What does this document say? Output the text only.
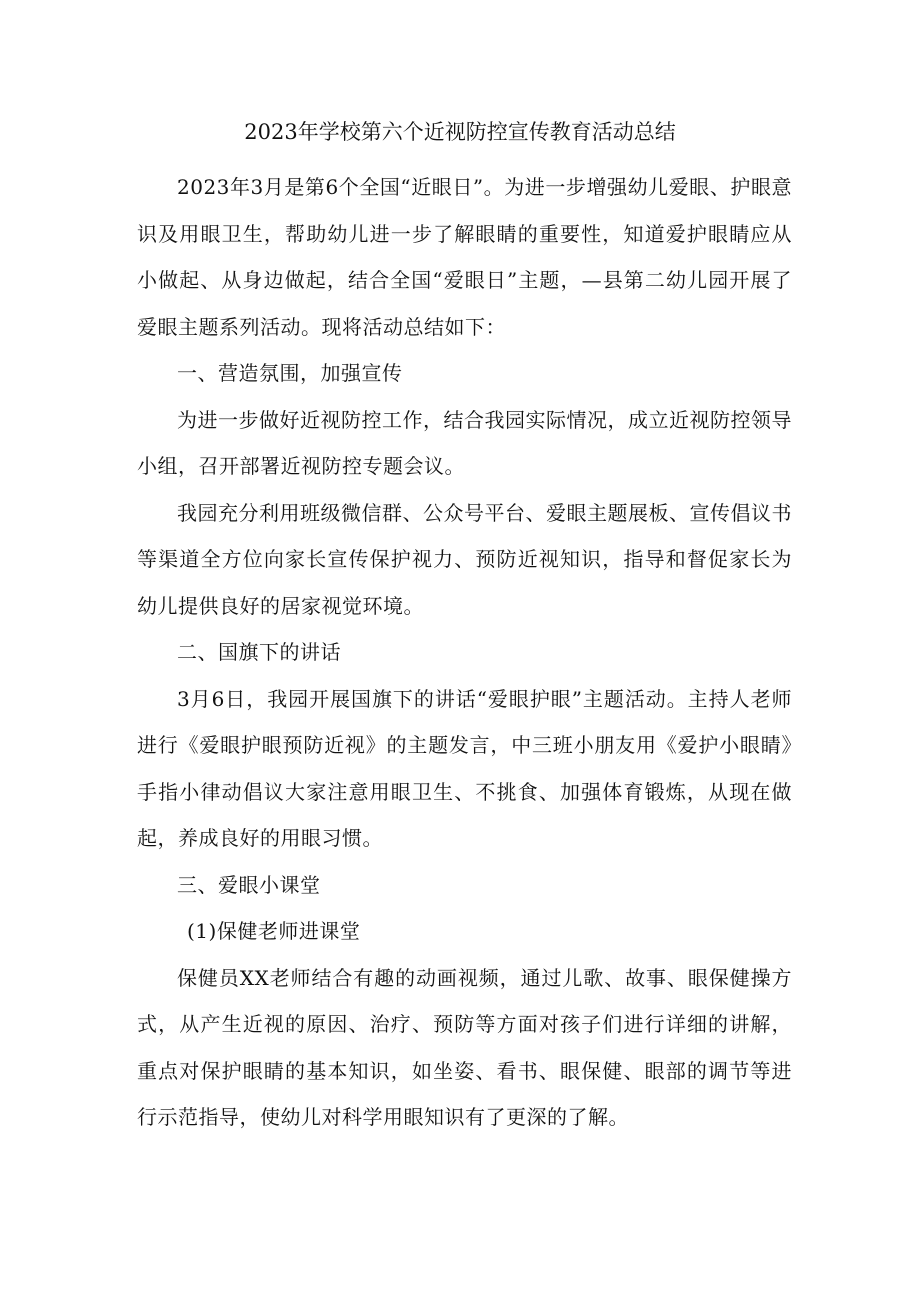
2023年学校第六个近视防控宣传教育活动总结

2023年3月是第6个全国“近眼日”。为进一步增强幼儿爱眼、护眼意识及用眼卫生，帮助幼儿进一步了解眼睛的重要性，知道爱护眼睛应从小做起、从身边做起，结合全国“爱眼日”主题，—县第二幼儿园开展了爱眼主题系列活动。现将活动总结如下：

一、营造氛围，加强宣传

为进一步做好近视防控工作，结合我园实际情况，成立近视防控领导小组，召开部署近视防控专题会议。

我园充分利用班级微信群、公众号平台、爱眼主题展板、宣传倡议书等渠道全方位向家长宣传保护视力、预防近视知识，指导和督促家长为幼儿提供良好的居家视觉环境。

二、国旗下的讲话

3月6日，我园开展国旗下的讲话“爱眼护眼”主题活动。主持人老师进行《爱眼护眼预防近视》的主题发言，中三班小朋友用《爱护小眼睛》手指小律动倡议大家注意用眼卫生、不挑食、加强体育锻炼，从现在做起，养成良好的用眼习惯。

三、爱眼小课堂

(1)保健老师进课堂

保健员XX老师结合有趣的动画视频，通过儿歌、故事、眼保健操方式，从产生近视的原因、治疗、预防等方面对孩子们进行详细的讲解，重点对保护眼睛的基本知识，如坐姿、看书、眼保健、眼部的调节等进行示范指导，使幼儿对科学用眼知识有了更深的了解。
